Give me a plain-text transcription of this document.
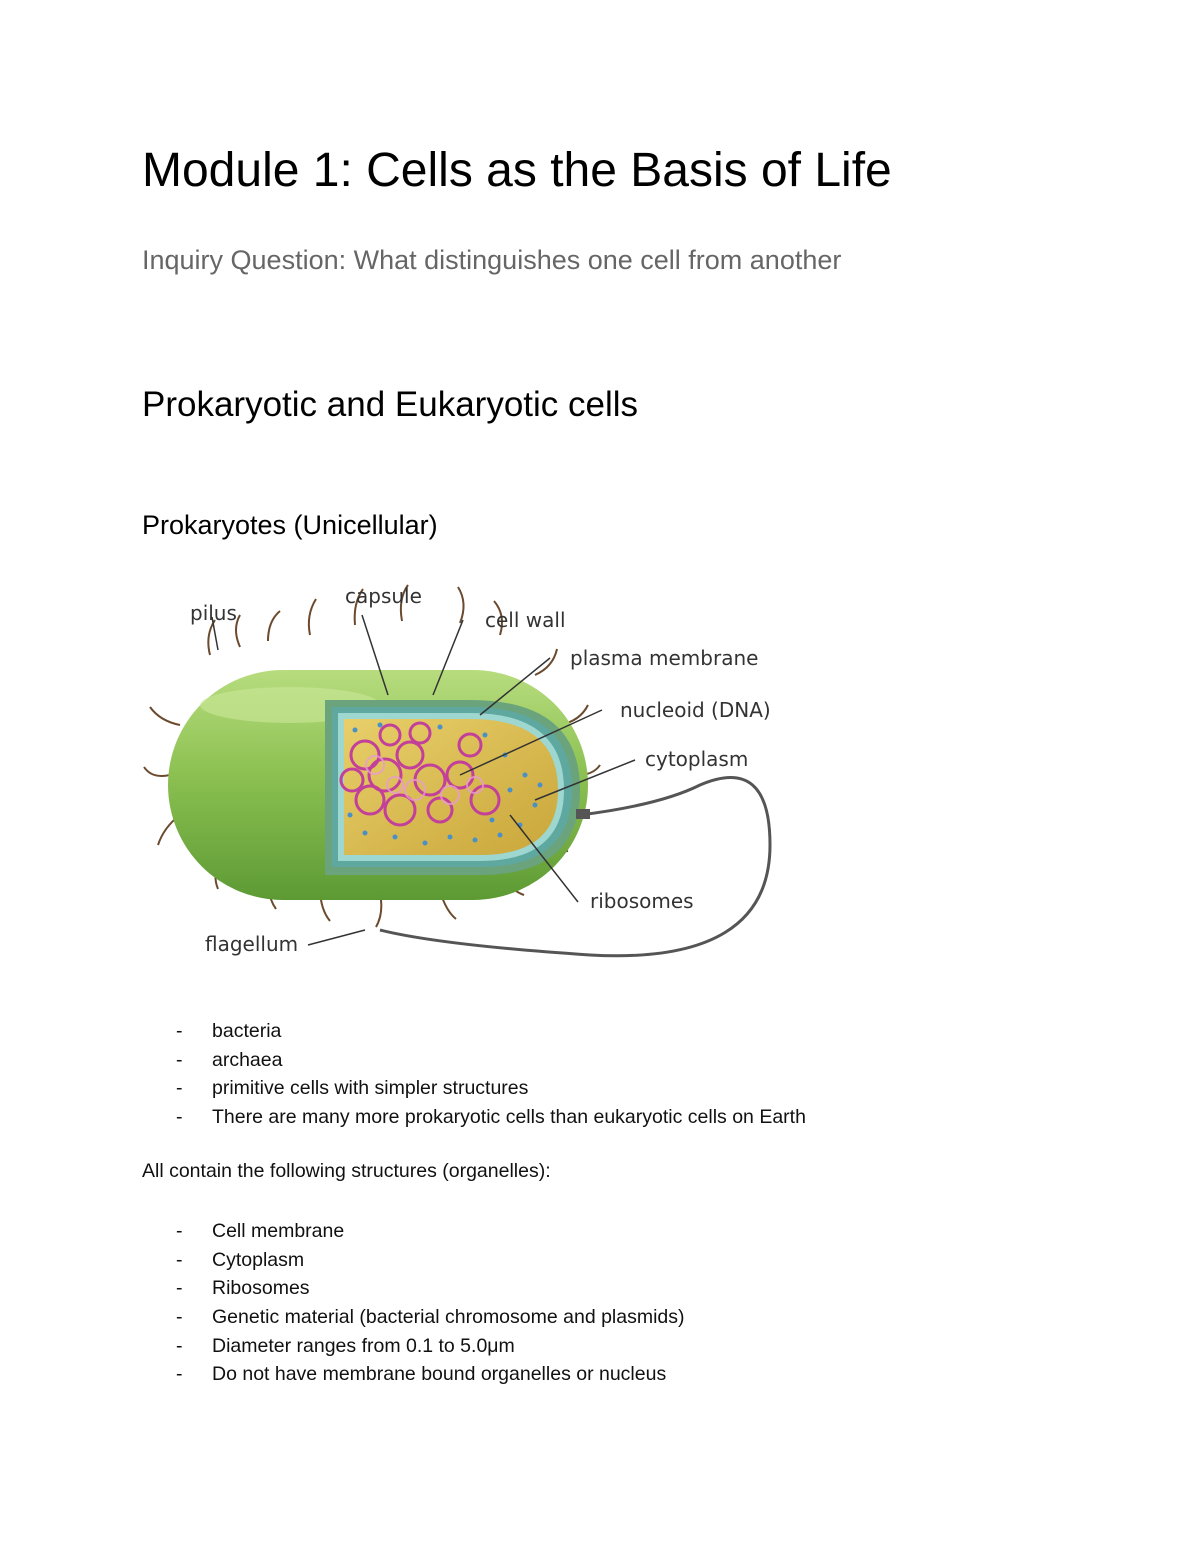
Module 1: Cells as the Basis of Life

Inquiry Question: What distinguishes one cell from another

Prokaryotic and Eukaryotic cells
Prokaryotes (Unicellular)
pilus
capsule
cell wall
plasma membrane
nucleoid (DNA)
cytoplasm
ribosomes
flagellum
- bacteria
- archaea
- primitive cells with simpler structures
- There are many more prokaryotic cells than eukaryotic cells on Earth

All contain the following structures (organelles):

- Cell membrane
- Cytoplasm
- Ribosomes
- Genetic material (bacterial chromosome and plasmids)
- Diameter ranges from 0.1 to 5.0μm
- Do not have membrane bound organelles or nucleus
